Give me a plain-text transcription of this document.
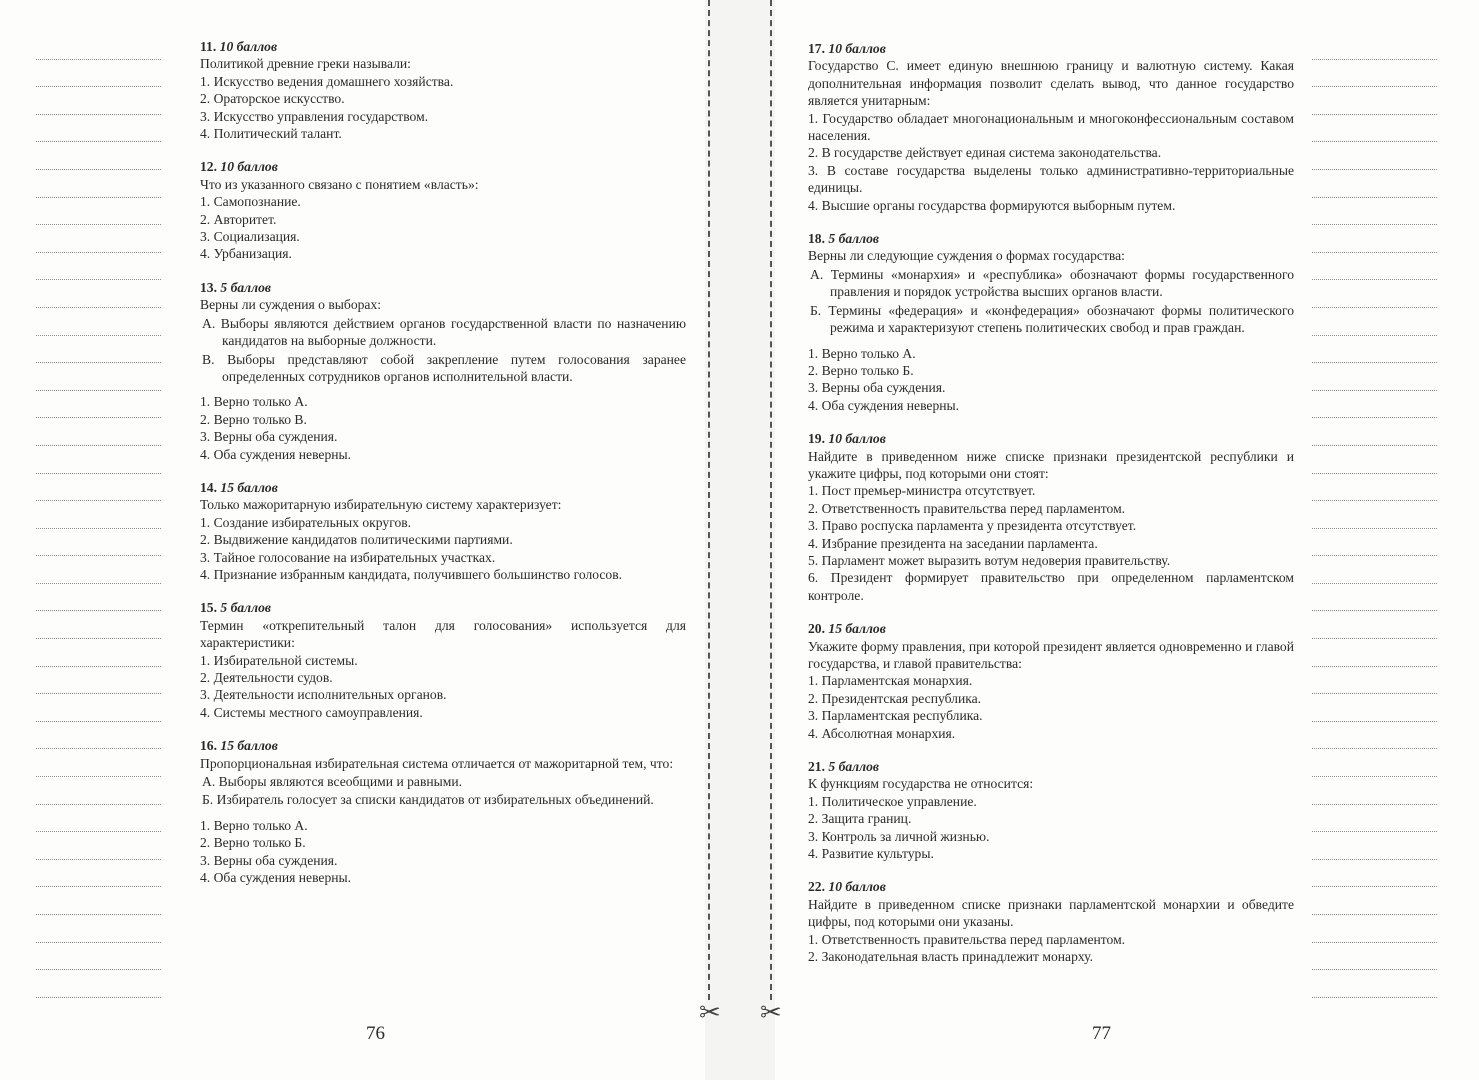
✂ ✂
11. 10 баллов
Политикой древние греки называли:
1. Искусство ведения домашнего хозяйства.
2. Ораторское искусство.
3. Искусство управления государством.
4. Политический талант.
12. 10 баллов
Что из указанного связано с понятием «власть»:
1. Самопознание.
2. Авторитет.
3. Социализация.
4. Урбанизация.
13. 5 баллов
Верны ли суждения о выборах:
А. Выборы являются действием органов государственной власти по назначению кандидатов на выборные должности.
В. Выборы представляют собой закрепление путем голосования заранее определенных сотрудников органов исполнительной власти.
1. Верно только А.
2. Верно только В.
3. Верны оба суждения.
4. Оба суждения неверны.
14. 15 баллов
Только мажоритарную избирательную систему характеризует:
1. Создание избирательных округов.
2. Выдвижение кандидатов политическими партиями.
3. Тайное голосование на избирательных участках.
4. Признание избранным кандидата, получившего большинство голосов.
15. 5 баллов
Термин «открепительный талон для голосования» используется для характеристики:
1. Избирательной системы.
2. Деятельности судов.
3. Деятельности исполнительных органов.
4. Системы местного самоуправления.
16. 15 баллов
Пропорциональная избирательная система отличается от мажоритарной тем, что:
А. Выборы являются всеобщими и равными.
Б. Избиратель голосует за списки кандидатов от избирательных объединений.
1. Верно только А.
2. Верно только Б.
3. Верны оба суждения.
4. Оба суждения неверны.
17. 10 баллов
Государство С. имеет единую внешнюю границу и валютную систему. Какая дополнительная информация позволит сделать вывод, что данное государство является унитарным:
1. Государство обладает многонациональным и многоконфессиональным составом населения.
2. В государстве действует единая система законодательства.
3. В составе государства выделены только административно-территориальные единицы.
4. Высшие органы государства формируются выборным путем.
18. 5 баллов
Верны ли следующие суждения о формах государства:
А. Термины «монархия» и «республика» обозначают формы государственного правления и порядок устройства высших органов власти.
Б. Термины «федерация» и «конфедерация» обозначают формы политического режима и характеризуют степень политических свобод и прав граждан.
1. Верно только А.
2. Верно только Б.
3. Верны оба суждения.
4. Оба суждения неверны.
19. 10 баллов
Найдите в приведенном ниже списке признаки президентской республики и укажите цифры, под которыми они стоят:
1. Пост премьер-министра отсутствует.
2. Ответственность правительства перед парламентом.
3. Право роспуска парламента у президента отсутствует.
4. Избрание президента на заседании парламента.
5. Парламент может выразить вотум недоверия правительству.
6. Президент формирует правительство при определенном парламентском контроле.
20. 15 баллов
Укажите форму правления, при которой президент является одновременно и главой государства, и главой правительства:
1. Парламентская монархия.
2. Президентская республика.
3. Парламентская республика.
4. Абсолютная монархия.
21. 5 баллов
К функциям государства не относится:
1. Политическое управление.
2. Защита границ.
3. Контроль за личной жизнью.
4. Развитие культуры.
22. 10 баллов
Найдите в приведенном списке признаки парламентской монархии и обведите цифры, под которыми они указаны.
1. Ответственность правительства перед парламентом.
2. Законодательная власть принадлежит монарху.
76	77
